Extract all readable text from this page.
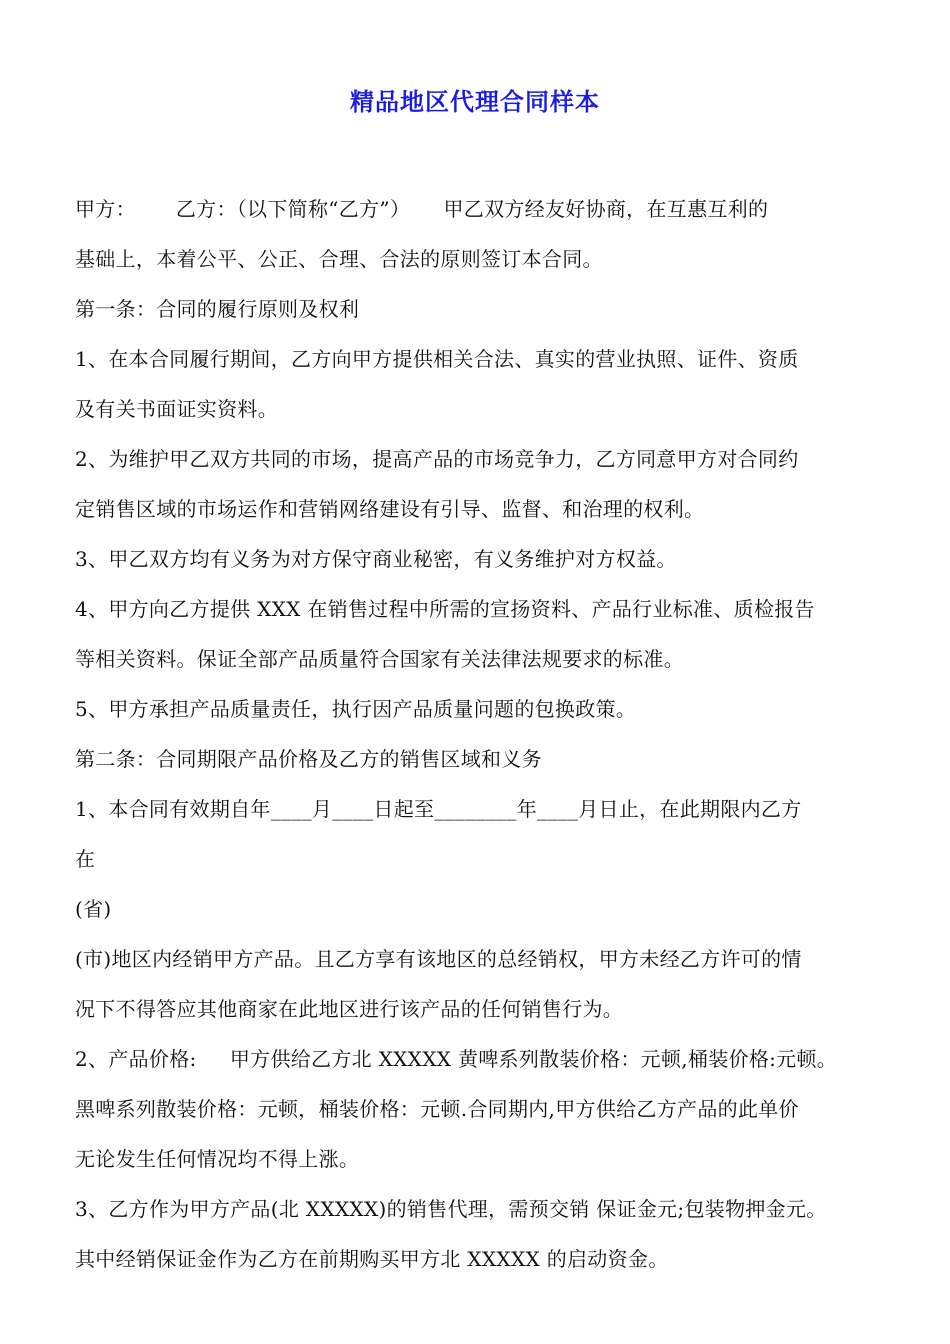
精品地区代理合同样本
甲方：      乙方：（以下简称“乙方”）     甲乙双方经友好协商，在互惠互利的
基础上，本着公平、公正、合理、合法的原则签订本合同。
第一条：合同的履行原则及权利
1、在本合同履行期间，乙方向甲方提供相关合法、真实的营业执照、证件、资质
及有关书面证实资料。
2、为维护甲乙双方共同的市场，提高产品的市场竞争力，乙方同意甲方对合同约
定销售区域的市场运作和营销网络建设有引导、监督、和治理的权利。
3、甲乙双方均有义务为对方保守商业秘密，有义务维护对方权益。
4、甲方向乙方提供 XXX 在销售过程中所需的宣扬资料、产品行业标准、质检报告
等相关资料。保证全部产品质量符合国家有关法律法规要求的标准。
5、甲方承担产品质量责任，执行因产品质量问题的包换政策。
第二条：合同期限产品价格及乙方的销售区域和义务
1、本合同有效期自年____月____日起至________年____月日止，在此期限内乙方
在
(省)
(市)地区内经销甲方产品。且乙方享有该地区的总经销权，甲方未经乙方许可的情
况下不得答应其他商家在此地区进行该产品的任何销售行为。
2、产品价格:     甲方供给乙方北 XXXXX 黄啤系列散装价格：元顿,桶装价格:元顿。
黑啤系列散装价格：元顿，桶装价格：元顿.合同期内,甲方供给乙方产品的此单价
无论发生任何情况均不得上涨。
3、乙方作为甲方产品(北 XXXXX)的销售代理，需预交销 保证金元;包装物押金元。
其中经销保证金作为乙方在前期购买甲方北 XXXXX 的启动资金。
